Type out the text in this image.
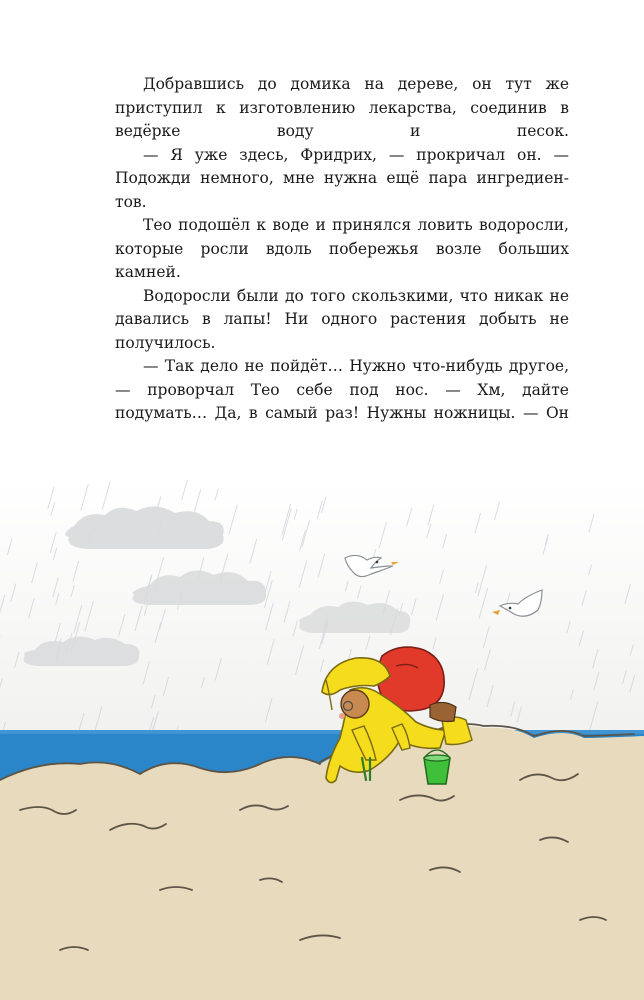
Добравшись до домика на дереве, он тут же приступил к изготовлению лекарства, соединив в ведёрке воду и песок.

— Я уже здесь, Фридрих, — прокричал он. — Подожди немного, мне нужна ещё пара ингредиен-тов.

Тео подошёл к воде и принялся ловить водоросли, которые росли вдоль побережья возле больших камней.

Водоросли были до того скользкими, что никак не давались в лапы! Ни одного растения добыть не получилось.

— Так дело не пойдёт… Нужно что-нибудь другое, — проворчал Тео себе под нос. — Хм, дайте подумать… Да, в самый раз! Нужны ножницы. — Он
